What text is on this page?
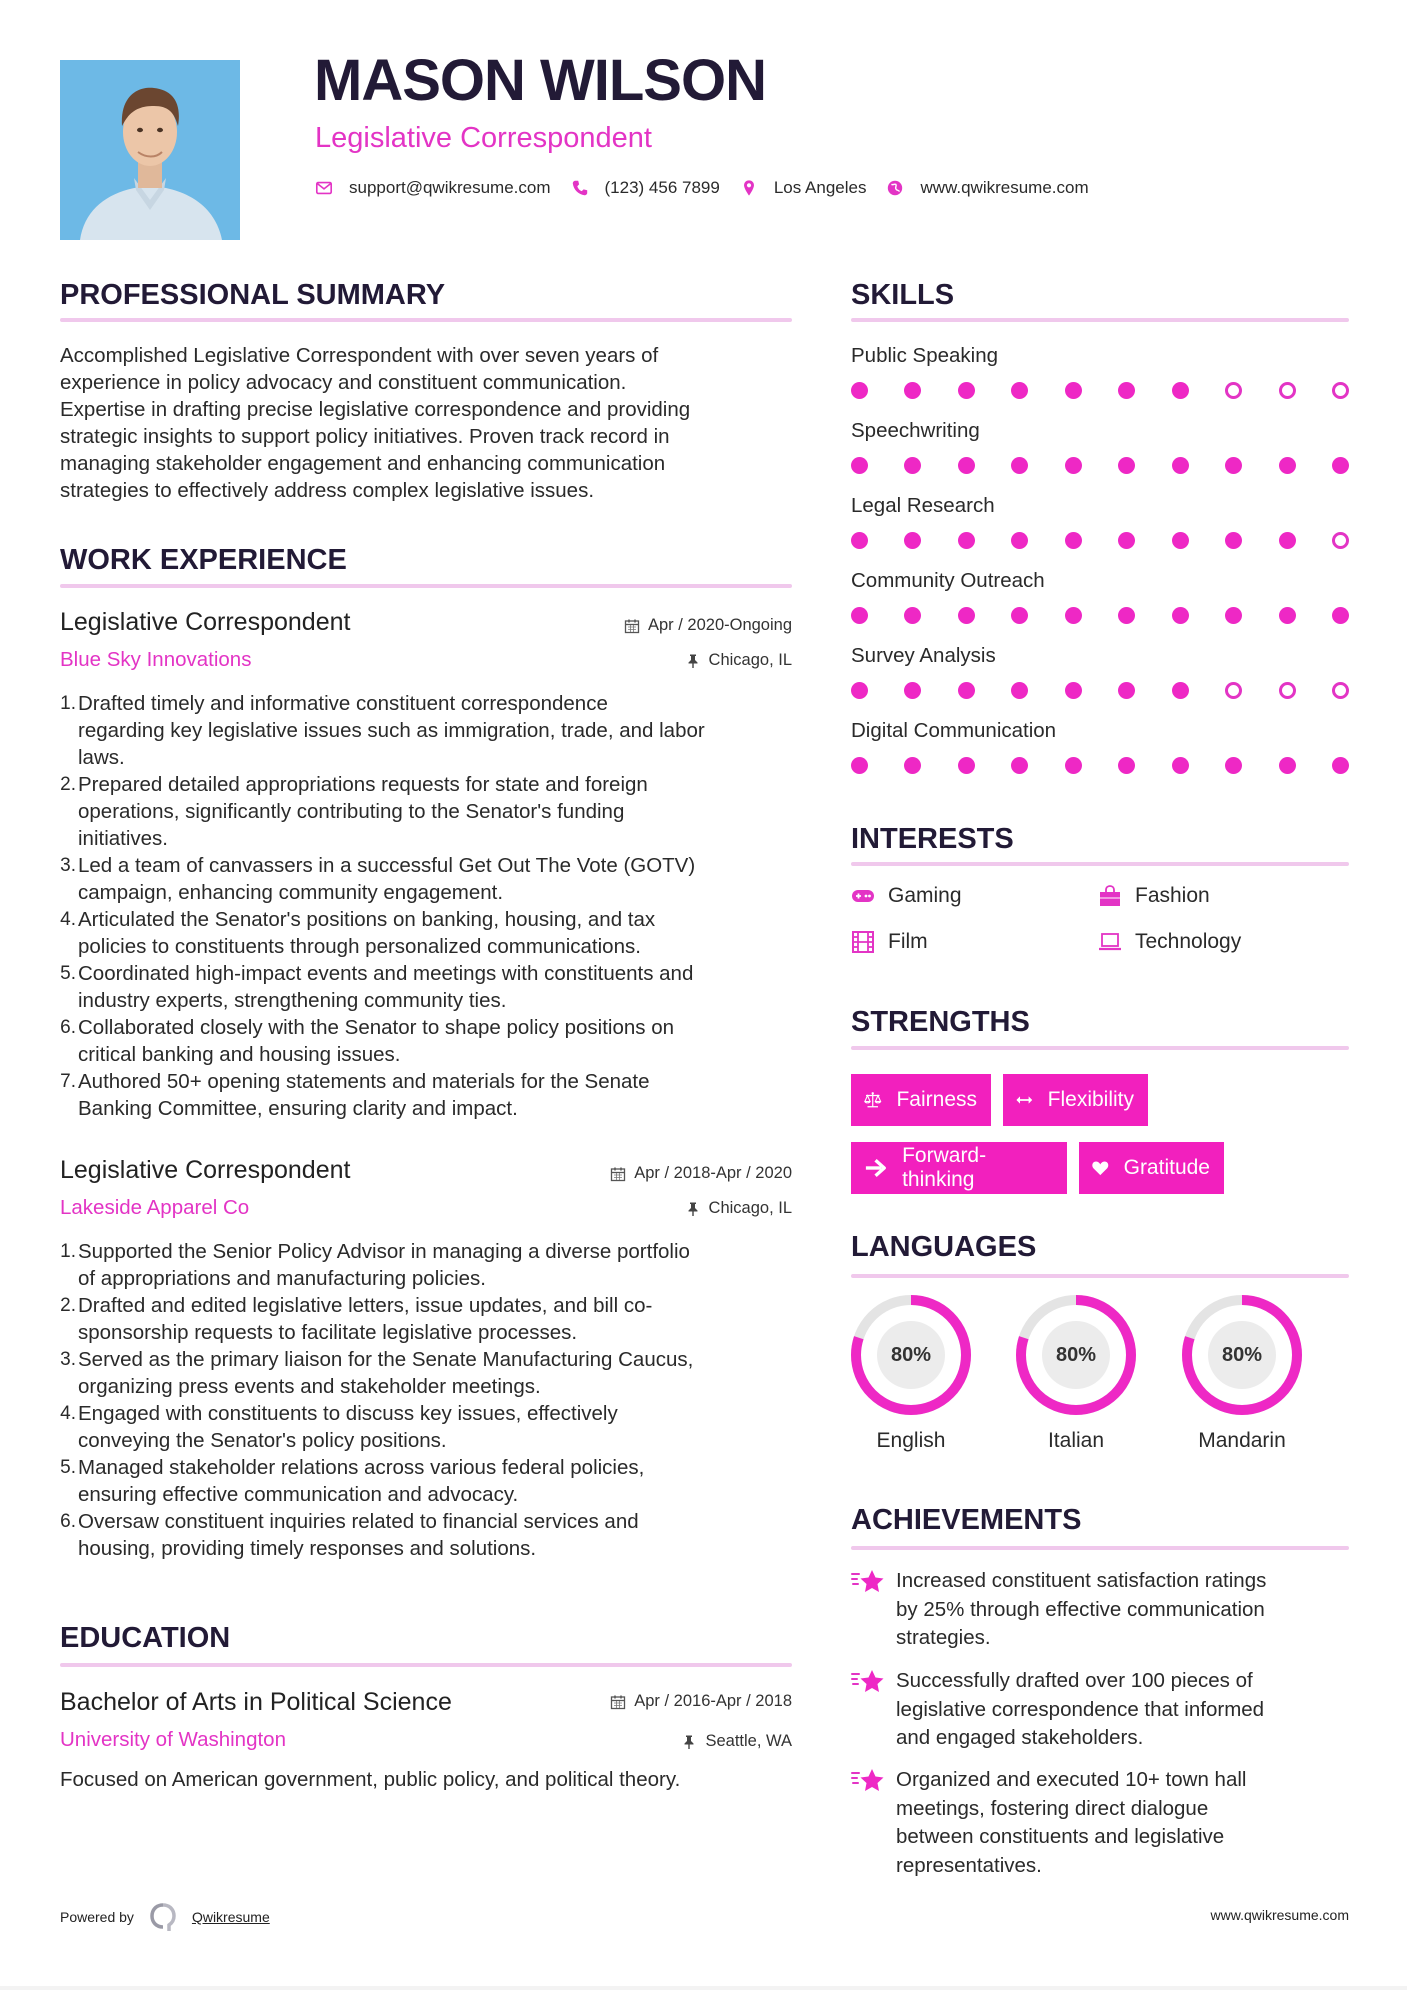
MASON WILSON
Legislative Correspondent
support@qwikresume.com	(123) 456 7899	Los Angeles	www.qwikresume.com
PROFESSIONAL SUMMARY
Accomplished Legislative Correspondent with over seven years of
experience in policy advocacy and constituent communication.
Expertise in drafting precise legislative correspondence and providing
strategic insights to support policy initiatives. Proven track record in
managing stakeholder engagement and enhancing communication
strategies to effectively address complex legislative issues.
WORK EXPERIENCE
Legislative Correspondent	Apr / 2020-Ongoing
Blue Sky Innovations	Chicago, IL
1. Drafted timely and informative constituent correspondence
regarding key legislative issues such as immigration, trade, and labor
laws.
2. Prepared detailed appropriations requests for state and foreign
operations, significantly contributing to the Senator's funding
initiatives.
3. Led a team of canvassers in a successful Get Out The Vote (GOTV)
campaign, enhancing community engagement.
4. Articulated the Senator's positions on banking, housing, and tax
policies to constituents through personalized communications.
5. Coordinated high-impact events and meetings with constituents and
industry experts, strengthening community ties.
6. Collaborated closely with the Senator to shape policy positions on
critical banking and housing issues.
7. Authored 50+ opening statements and materials for the Senate
Banking Committee, ensuring clarity and impact.
Legislative Correspondent	Apr / 2018-Apr / 2020
Lakeside Apparel Co	Chicago, IL
1. Supported the Senior Policy Advisor in managing a diverse portfolio
of appropriations and manufacturing policies.
2. Drafted and edited legislative letters, issue updates, and bill co-
sponsorship requests to facilitate legislative processes.
3. Served as the primary liaison for the Senate Manufacturing Caucus,
organizing press events and stakeholder meetings.
4. Engaged with constituents to discuss key issues, effectively
conveying the Senator's policy positions.
5. Managed stakeholder relations across various federal policies,
ensuring effective communication and advocacy.
6. Oversaw constituent inquiries related to financial services and
housing, providing timely responses and solutions.
EDUCATION
Bachelor of Arts in Political Science	Apr / 2016-Apr / 2018
University of Washington	Seattle, WA
Focused on American government, public policy, and political theory.
SKILLS
Public Speaking
Speechwriting
Legal Research
Community Outreach
Survey Analysis
Digital Communication
INTERESTS
Gaming	Fashion
Film	Technology
STRENGTHS
Fairness	Flexibility
Forward-thinking
Gratitude
LANGUAGES
80%
English
80%
Italian
80%
Mandarin
ACHIEVEMENTS
Increased constituent satisfaction ratings
by 25% through effective communication
strategies.
Successfully drafted over 100 pieces of
legislative correspondence that informed
and engaged stakeholders.
Organized and executed 10+ town hall
meetings, fostering direct dialogue
between constituents and legislative
representatives.
Powered by	Qwikresume	www.qwikresume.com
